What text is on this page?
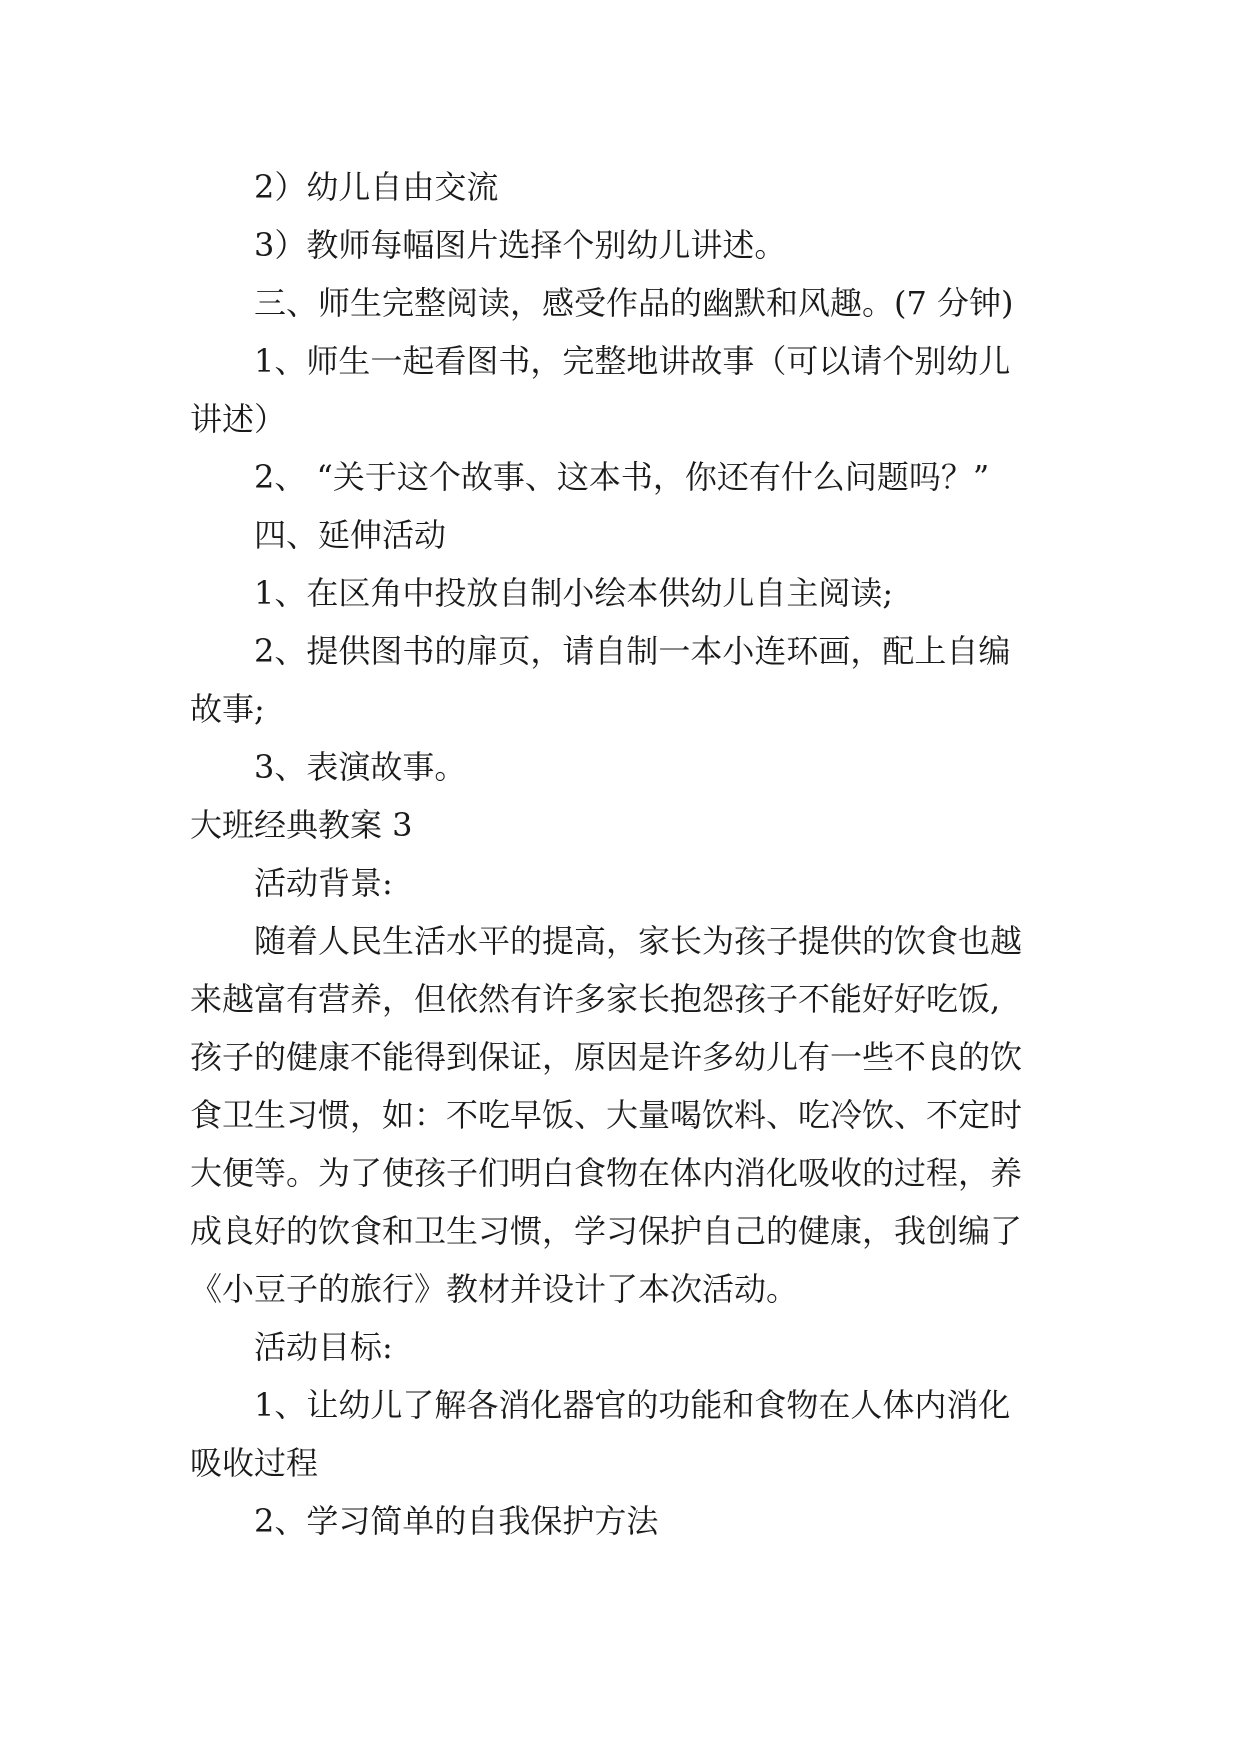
2）幼儿自由交流

3）教师每幅图片选择个别幼儿讲述。

三、师生完整阅读，感受作品的幽默和风趣。(7 分钟)

1、师生一起看图书，完整地讲故事（可以请个别幼儿

讲述）

2、 “关于这个故事、这本书，你还有什么问题吗？”

四、延伸活动

1、在区角中投放自制小绘本供幼儿自主阅读;

2、提供图书的扉页，请自制一本小连环画，配上自编

故事;

3、表演故事。

大班经典教案 3

活动背景:

随着人民生活水平的提高，家长为孩子提供的饮食也越

来越富有营养，但依然有许多家长抱怨孩子不能好好吃饭,

孩子的健康不能得到保证，原因是许多幼儿有一些不良的饮

食卫生习惯，如：不吃早饭、大量喝饮料、吃冷饮、不定时

大便等。为了使孩子们明白食物在体内消化吸收的过程，养

成良好的饮食和卫生习惯，学习保护自己的健康，我创编了

《小豆子的旅行》教材并设计了本次活动。

活动目标:

1、让幼儿了解各消化器官的功能和食物在人体内消化

吸收过程

2、学习简单的自我保护方法
